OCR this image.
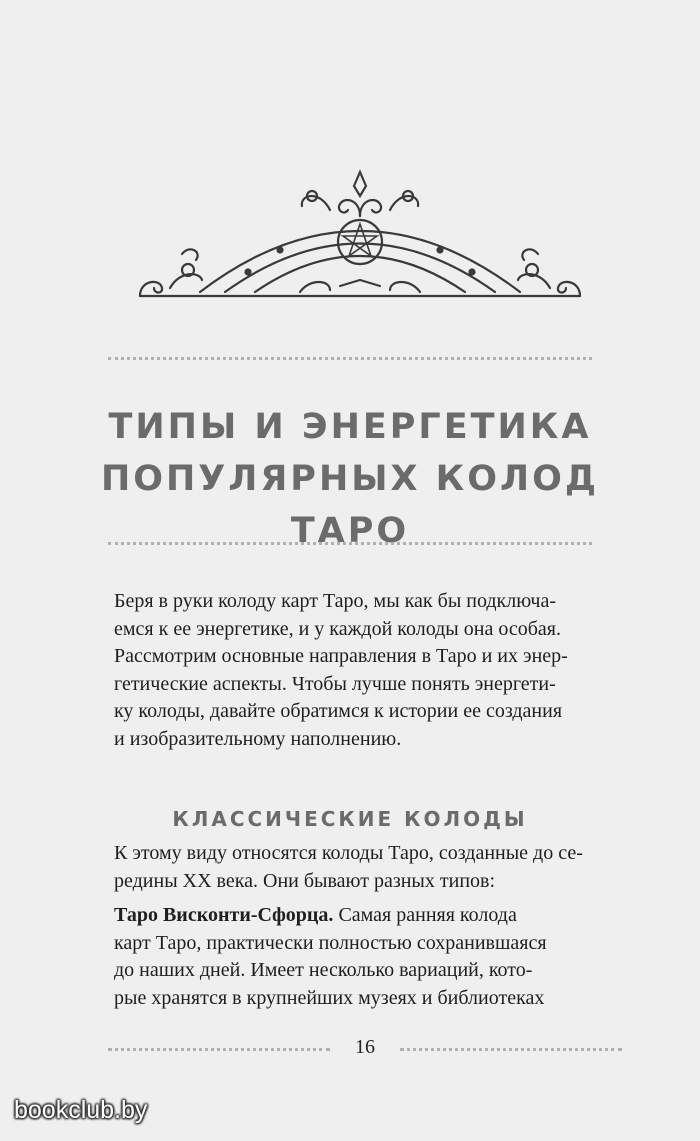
ТИПЫ И ЭНЕРГЕТИКА
ПОПУЛЯРНЫХ КОЛОД
ТАРО

Беря в руки колоду карт Таро, мы как бы подключа-
емся к ее энергетике, и у каждой колоды она особая.
Рассмотрим основные направления в Таро и их энер-
гетические аспекты. Чтобы лучше понять энергети-
ку колоды, давайте обратимся к истории ее создания
и изобразительному наполнению.

КЛАССИЧЕСКИЕ КОЛОДЫ

К этому виду относятся колоды Таро, созданные до се-
редины XX века. Они бывают разных типов:

Таро Висконти-Сфорца. Самая ранняя колода
карт Таро, практически полностью сохранившаяся
до наших дней. Имеет несколько вариаций, кото-
рые хранятся в крупнейших музеях и библиотеках

16
bookclub.by
